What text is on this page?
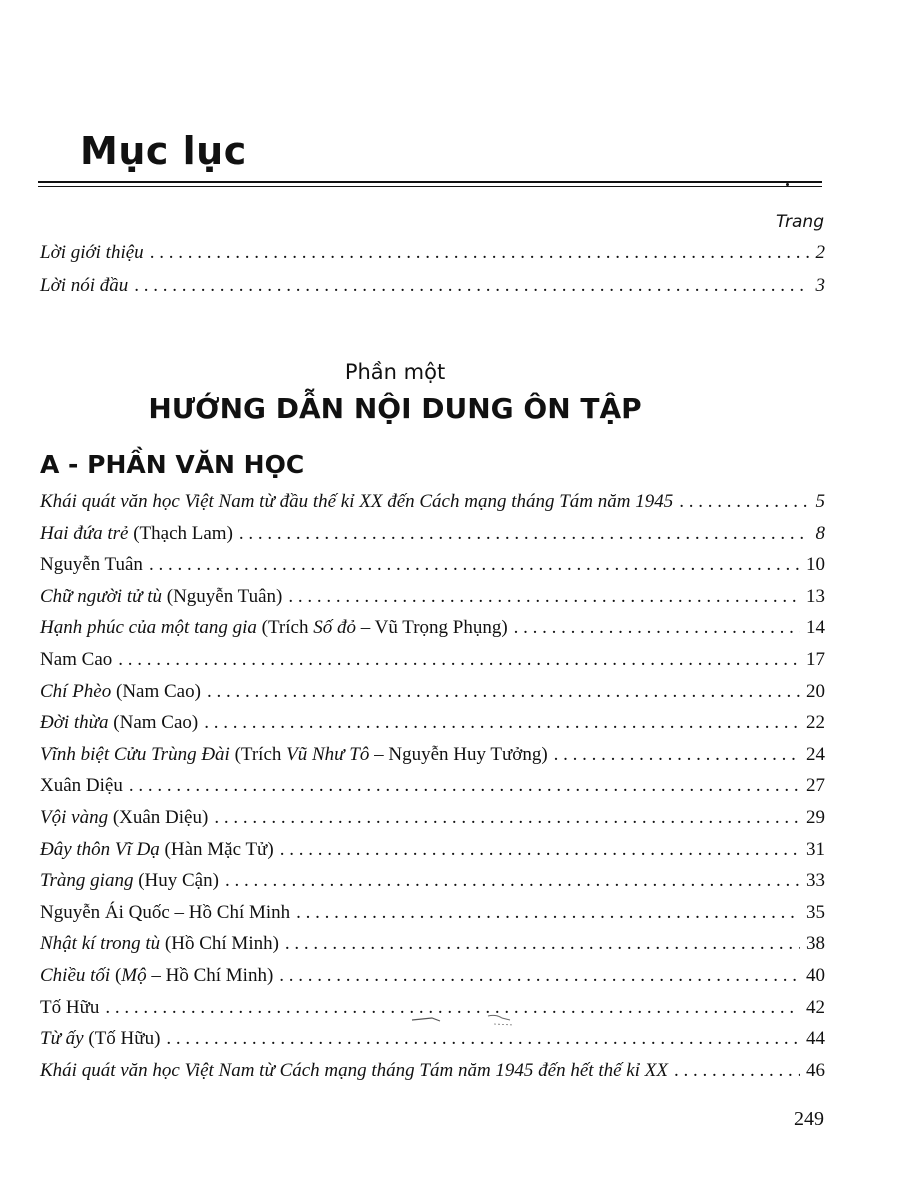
Mục lục
Trang
Lời giới thiệu . . .	2
Lời nói đầu . . .	3
Phần một
HƯỚNG DẪN NỘI DUNG ÔN TẬP
A - PHẦN VĂN HỌC
Khái quát văn học Việt Nam từ đầu thế kỉ XX đến Cách mạng tháng Tám năm 1945 . . .	5
Hai đứa trẻ (Thạch Lam) . . .	8
Nguyễn Tuân . . .	10
Chữ người tử tù (Nguyễn Tuân) . . .	13
Hạnh phúc của một tang gia (Trích Số đỏ – Vũ Trọng Phụng) . . .	14
Nam Cao . . .	17
Chí Phèo (Nam Cao) . . .	20
Đời thừa (Nam Cao) . . .	22
Vĩnh biệt Cửu Trùng Đài (Trích Vũ Như Tô – Nguyễn Huy Tưởng) . . .	24
Xuân Diệu . . .	27
Vội vàng (Xuân Diệu) . . .	29
Đây thôn Vĩ Dạ (Hàn Mặc Tử) . . .	31
Tràng giang (Huy Cận) . . .	33
Nguyễn Ái Quốc – Hồ Chí Minh . . .	35
Nhật kí trong tù (Hồ Chí Minh) . . .	38
Chiều tối (Mộ – Hồ Chí Minh) . . .	40
Tố Hữu . . .	42
Từ ấy (Tố Hữu) . . .	44
Khái quát văn học Việt Nam từ Cách mạng tháng Tám năm 1945 đến hết thế kỉ XX . . .	46
249
